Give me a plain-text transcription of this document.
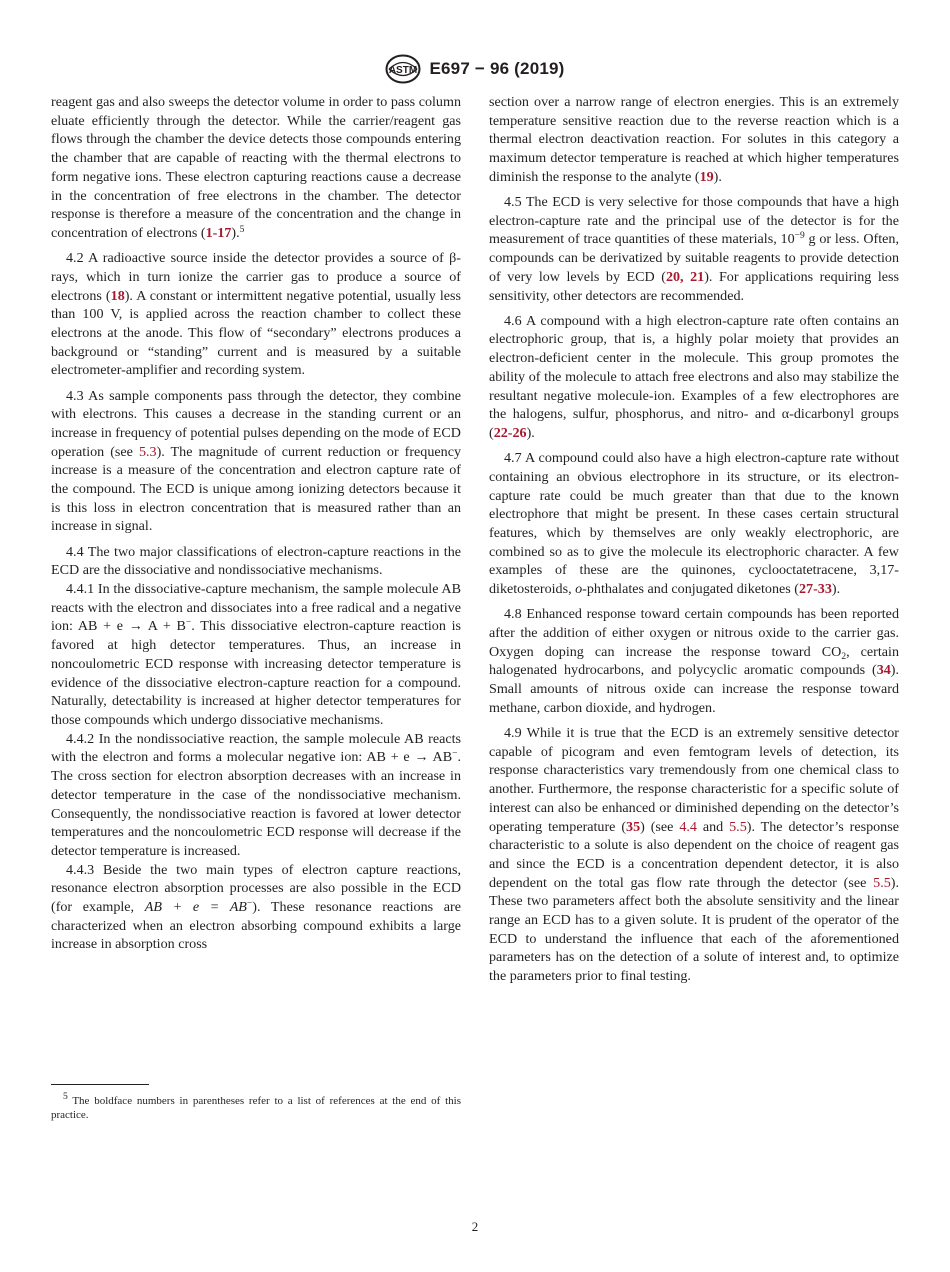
ASTM E697 − 96 (2019)

reagent gas and also sweeps the detector volume in order to pass column eluate efficiently through the detector. While the carrier/reagent gas flows through the chamber the device detects those compounds entering the chamber that are capable of reacting with the thermal electrons to form negative ions. These electron capturing reactions cause a decrease in the concentration of free electrons in the chamber. The detector response is therefore a measure of the concentration and the change in concentration of electrons (1-17).$^5$

4.2 A radioactive source inside the detector provides a source of β-rays, which in turn ionize the carrier gas to produce a source of electrons (18). A constant or intermittent negative potential, usually less than 100 V, is applied across the reaction chamber to collect these electrons at the anode. This flow of “secondary” electrons produces a background or “standing” current and is measured by a suitable electrometer-amplifier and recording system.

4.3 As sample components pass through the detector, they combine with electrons. This causes a decrease in the standing current or an increase in frequency of potential pulses depending on the mode of ECD operation (see 5.3). The magnitude of current reduction or frequency increase is a measure of the concentration and electron capture rate of the compound. The ECD is unique among ionizing detectors because it is this loss in electron concentration that is measured rather than an increase in signal.

4.4 The two major classifications of electron-capture reactions in the ECD are the dissociative and nondissociative mechanisms.

4.4.1 In the dissociative-capture mechanism, the sample molecule AB reacts with the electron and dissociates into a free radical and a negative ion: AB + e → A + B−. This dissociative electron-capture reaction is favored at high detector temperatures. Thus, an increase in noncoulometric ECD response with increasing detector temperature is evidence of the dissociative electron-capture reaction for a compound. Naturally, detectability is increased at higher detector temperatures for those compounds which undergo dissociative mechanisms.

4.4.2 In the nondissociative reaction, the sample molecule AB reacts with the electron and forms a molecular negative ion: AB + e → AB−. The cross section for electron absorption decreases with an increase in detector temperature in the case of the nondissociative mechanism. Consequently, the nondissociative reaction is favored at lower detector temperatures and the noncoulometric ECD response will decrease if the detector temperature is increased.

4.4.3 Beside the two main types of electron capture reactions, resonance electron absorption processes are also possible in the ECD (for example, AB + e = AB−). These resonance reactions are characterized when an electron absorbing compound exhibits a large increase in absorption cross

$^5$ The boldface numbers in parentheses refer to a list of references at the end of this practice.

section over a narrow range of electron energies. This is an extremely temperature sensitive reaction due to the reverse reaction which is a thermal electron deactivation reaction. For solutes in this category a maximum detector temperature is reached at which higher temperatures diminish the response to the analyte (19).

4.5 The ECD is very selective for those compounds that have a high electron-capture rate and the principal use of the detector is for the measurement of trace quantities of these materials, $10^{-9}$ g or less. Often, compounds can be derivatized by suitable reagents to provide detection of very low levels by ECD (20, 21). For applications requiring less sensitivity, other detectors are recommended.

4.6 A compound with a high electron-capture rate often contains an electrophoric group, that is, a highly polar moiety that provides an electron-deficient center in the molecule. This group promotes the ability of the molecule to attach free electrons and also may stabilize the resultant negative molecule-ion. Examples of a few electrophores are the halogens, sulfur, phosphorus, and nitro- and α-dicarbonyl groups (22-26).

4.7 A compound could also have a high electron-capture rate without containing an obvious electrophore in its structure, or its electron-capture rate could be much greater than that due to the known electrophore that might be present. In these cases certain structural features, which by themselves are only weakly electrophoric, are combined so as to give the molecule its electrophoric character. A few examples of these are the quinones, cyclooctatetracene, 3,17-diketosteroids, o-phthalates and conjugated diketones (27-33).

4.8 Enhanced response toward certain compounds has been reported after the addition of either oxygen or nitrous oxide to the carrier gas. Oxygen doping can increase the response toward $CO_2$, certain halogenated hydrocarbons, and polycyclic aromatic compounds (34). Small amounts of nitrous oxide can increase the response toward methane, carbon dioxide, and hydrogen.

4.9 While it is true that the ECD is an extremely sensitive detector capable of picogram and even femtogram levels of detection, its response characteristics vary tremendously from one chemical class to another. Furthermore, the response characteristic for a specific solute of interest can also be enhanced or diminished depending on the detector’s operating temperature (35) (see 4.4 and 5.5). The detector’s response characteristic to a solute is also dependent on the choice of reagent gas and since the ECD is a concentration dependent detector, it is also dependent on the total gas flow rate through the detector (see 5.5). These two parameters affect both the absolute sensitivity and the linear range an ECD has to a given solute. It is prudent of the operator of the ECD to understand the influence that each of the aforementioned parameters has on the detection of a solute of interest and, to optimize the parameters prior to final testing.

2
